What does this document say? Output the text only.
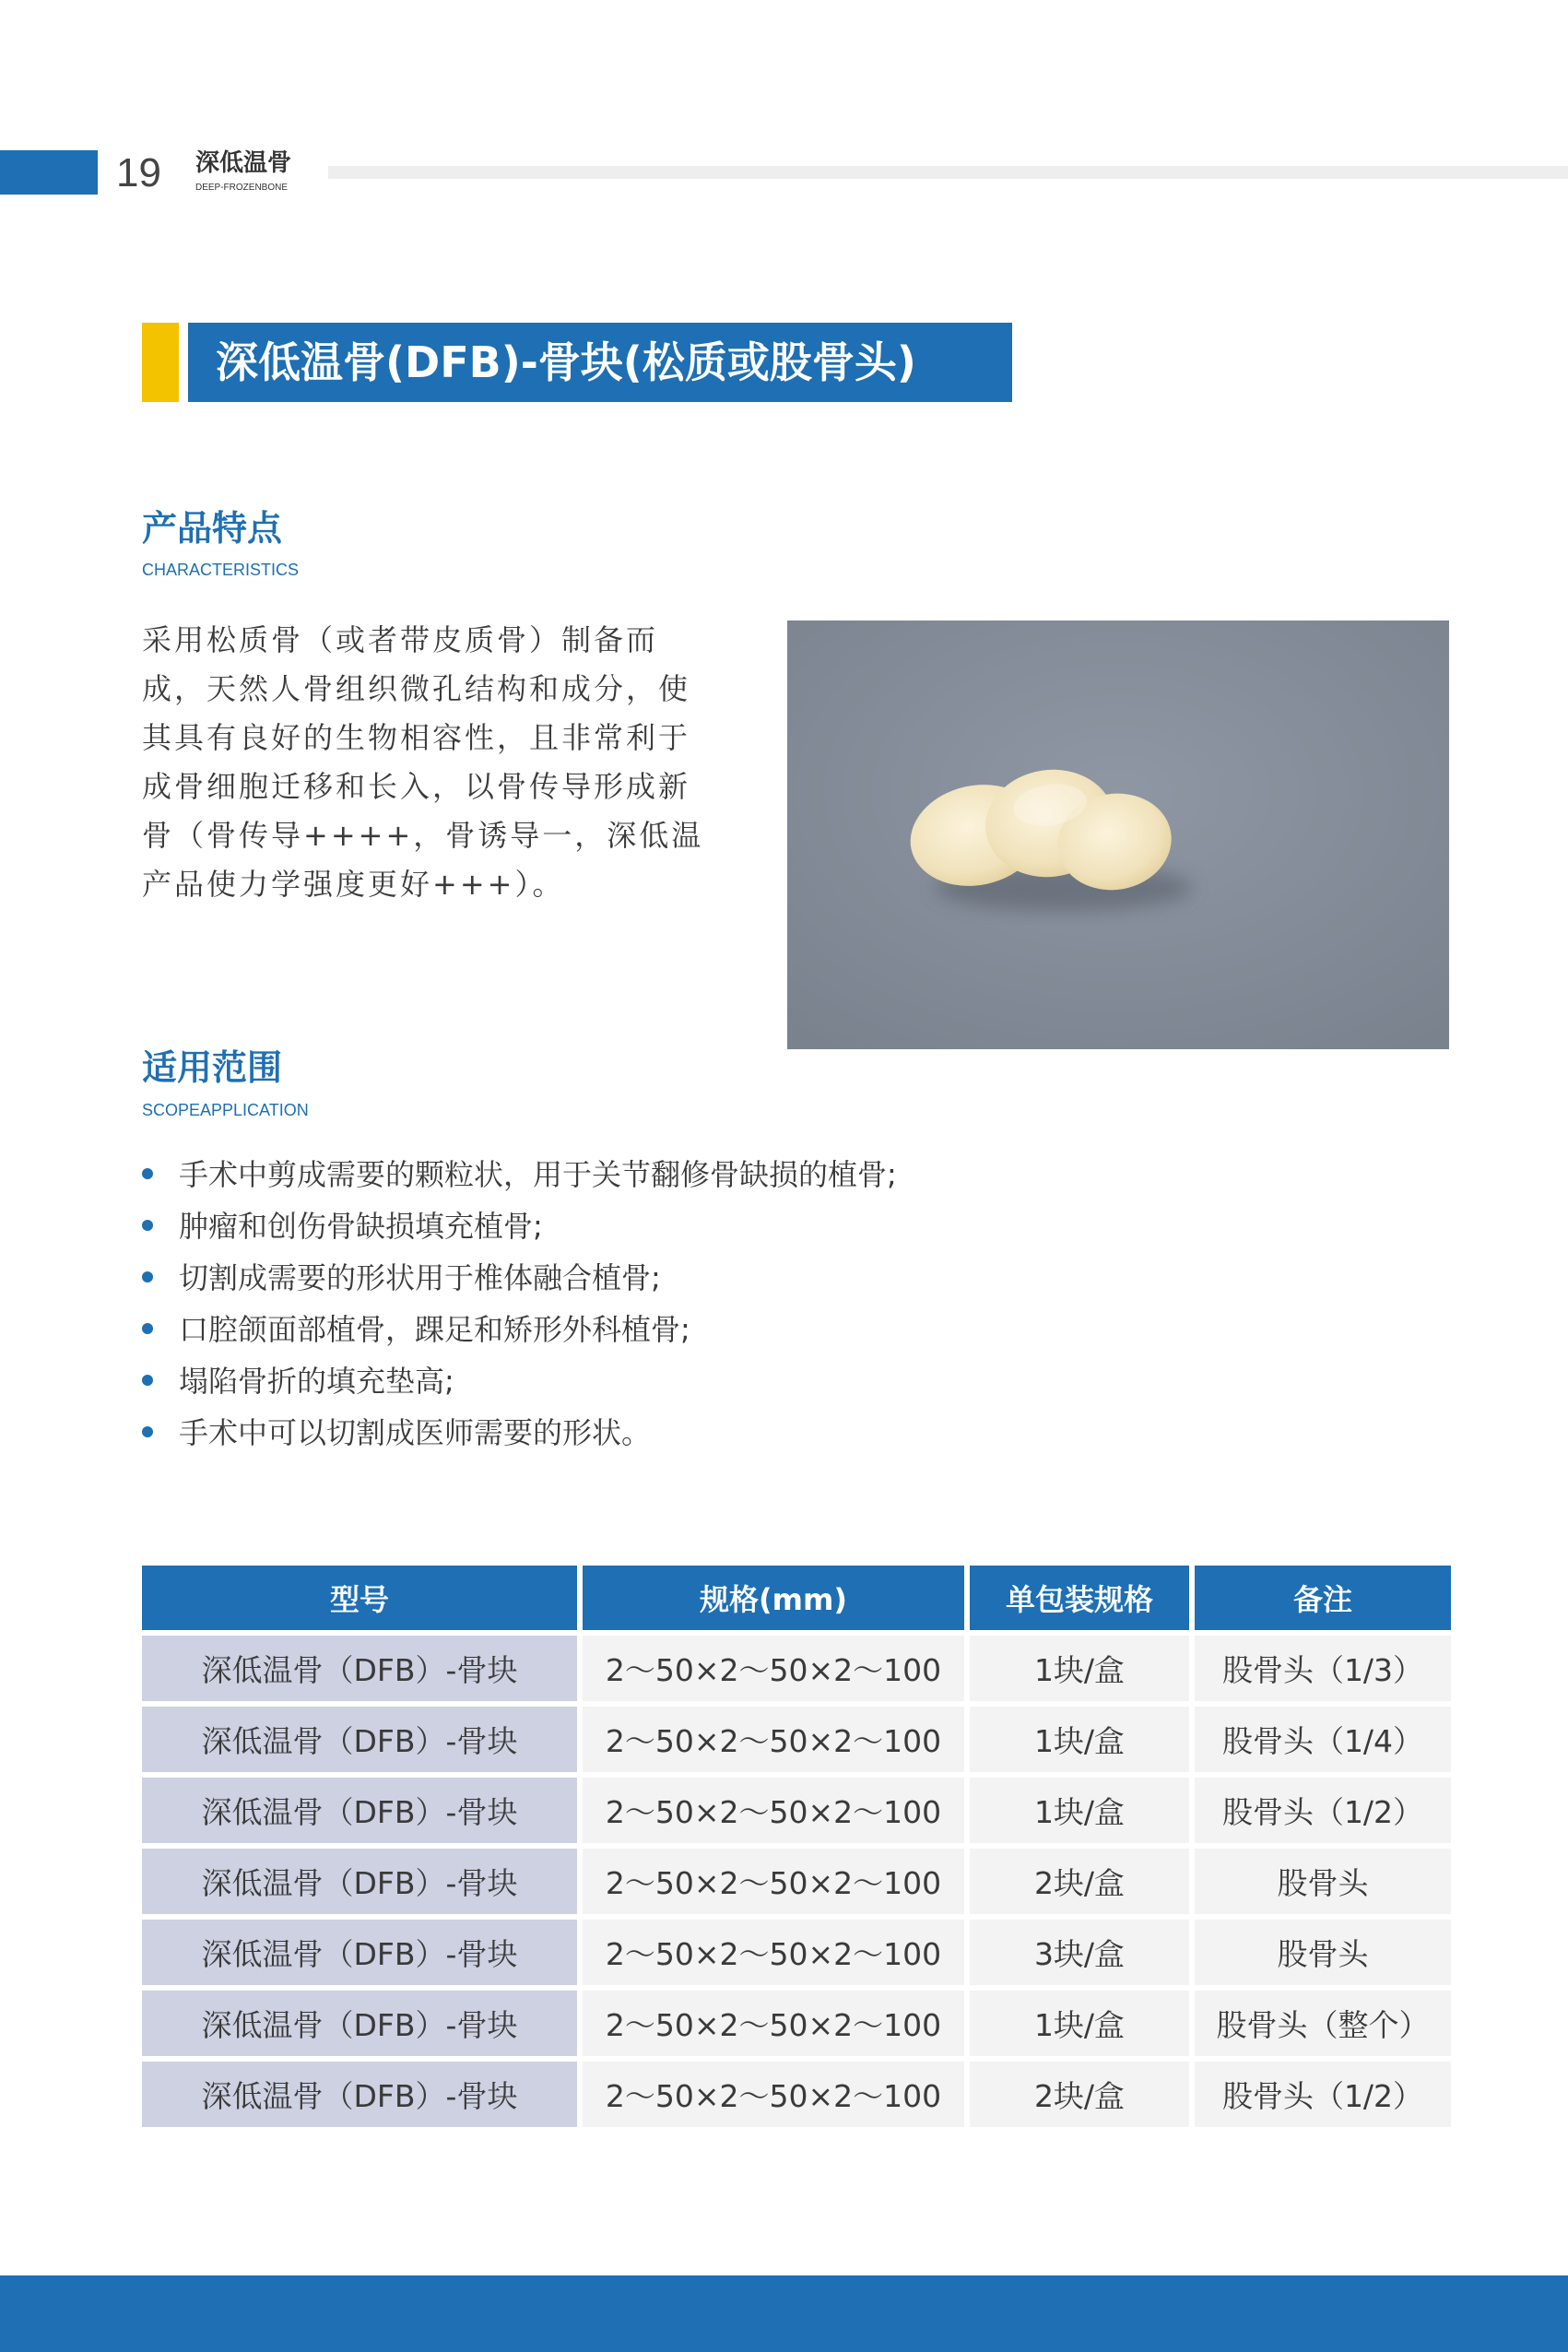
19 深低温骨
DEEP-FROZENBONE
深低温骨(DFB)-骨块(松质或股骨头)
产品特点
CHARACTERISTICS
采用松质骨（或者带皮质骨）制备而
成，天然人骨组织微孔结构和成分，使
其具有良好的生物相容性，且非常利于
成骨细胞迁移和长入，以骨传导形成新
骨（骨传导++++，骨诱导一，深低温
产品使力学强度更好+++）。
适用范围
SCOPEAPPLICATION
手术中剪成需要的颗粒状，用于关节翻修骨缺损的植骨;
肿瘤和创伤骨缺损填充植骨;
切割成需要的形状用于椎体融合植骨;
口腔颌面部植骨，踝足和矫形外科植骨;
塌陷骨折的填充垫高;
手术中可以切割成医师需要的形状。
型号	规格(mm)	单包装规格	备注
深低温骨（DFB）-骨块	2～50×2～50×2～100	1块/盒	股骨头（1/3）
深低温骨（DFB）-骨块	2～50×2～50×2～100	1块/盒	股骨头（1/4）
深低温骨（DFB）-骨块	2～50×2～50×2～100	1块/盒	股骨头（1/2）
深低温骨（DFB）-骨块	2～50×2～50×2～100	2块/盒	股骨头
深低温骨（DFB）-骨块	2～50×2～50×2～100	3块/盒	股骨头
深低温骨（DFB）-骨块	2～50×2～50×2～100	1块/盒	股骨头（整个）
深低温骨（DFB）-骨块	2～50×2～50×2～100	2块/盒	股骨头（1/2）
